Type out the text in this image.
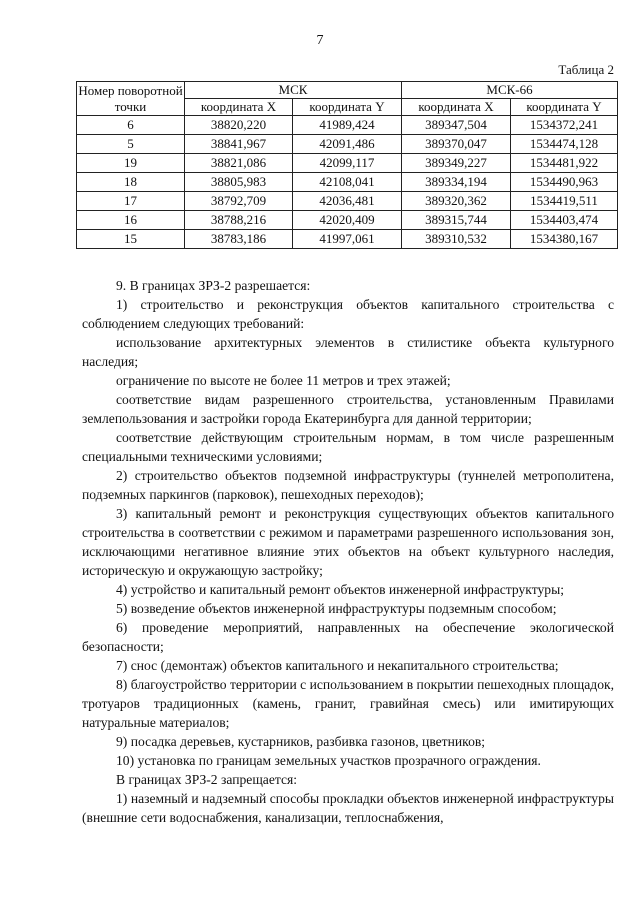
7
Таблица 2
Номер поворотной точки	МСК		МСК-66	
	координата X	координата Y	координата X	координата Y
6	38820,220	41989,424	389347,504	1534372,241
5	38841,967	42091,486	389370,047	1534474,128
19	38821,086	42099,117	389349,227	1534481,922
18	38805,983	42108,041	389334,194	1534490,963
17	38792,709	42036,481	389320,362	1534419,511
16	38788,216	42020,409	389315,744	1534403,474
15	38783,186	41997,061	389310,532	1534380,167

9. В границах ЗРЗ-2 разрешается:

1) строительство и реконструкция объектов капитального строительства с соблюдением следующих требований:

использование архитектурных элементов в стилистике объекта культурного наследия;

ограничение по высоте не более 11 метров и трех этажей;

соответствие видам разрешенного строительства, установленным Правилами землепользования и застройки города Екатеринбурга для данной территории;

соответствие действующим строительным нормам, в том числе разрешенным специальными техническими условиями;

2) строительство объектов подземной инфраструктуры (туннелей метрополитена, подземных паркингов (парковок), пешеходных переходов);

3) капитальный ремонт и реконструкция существующих объектов капитального строительства в соответствии с режимом и параметрами разрешенного использования зон, исключающими негативное влияние этих объектов на объект культурного наследия, историческую и окружающую застройку;

4) устройство и капитальный ремонт объектов инженерной инфраструктуры;

5) возведение объектов инженерной инфраструктуры подземным способом;

6) проведение мероприятий, направленных на обеспечение экологической безопасности;

7) снос (демонтаж) объектов капитального и некапитального строительства;

8) благоустройство территории с использованием в покрытии пешеходных площадок, тротуаров традиционных (камень, гранит, гравийная смесь) или имитирующих натуральные материалов;

9) посадка деревьев, кустарников, разбивка газонов, цветников;

10) установка по границам земельных участков прозрачного ограждения.

В границах ЗРЗ-2 запрещается:

1) наземный и надземный способы прокладки объектов инженерной инфраструктуры (внешние сети водоснабжения, канализации, теплоснабжения,
